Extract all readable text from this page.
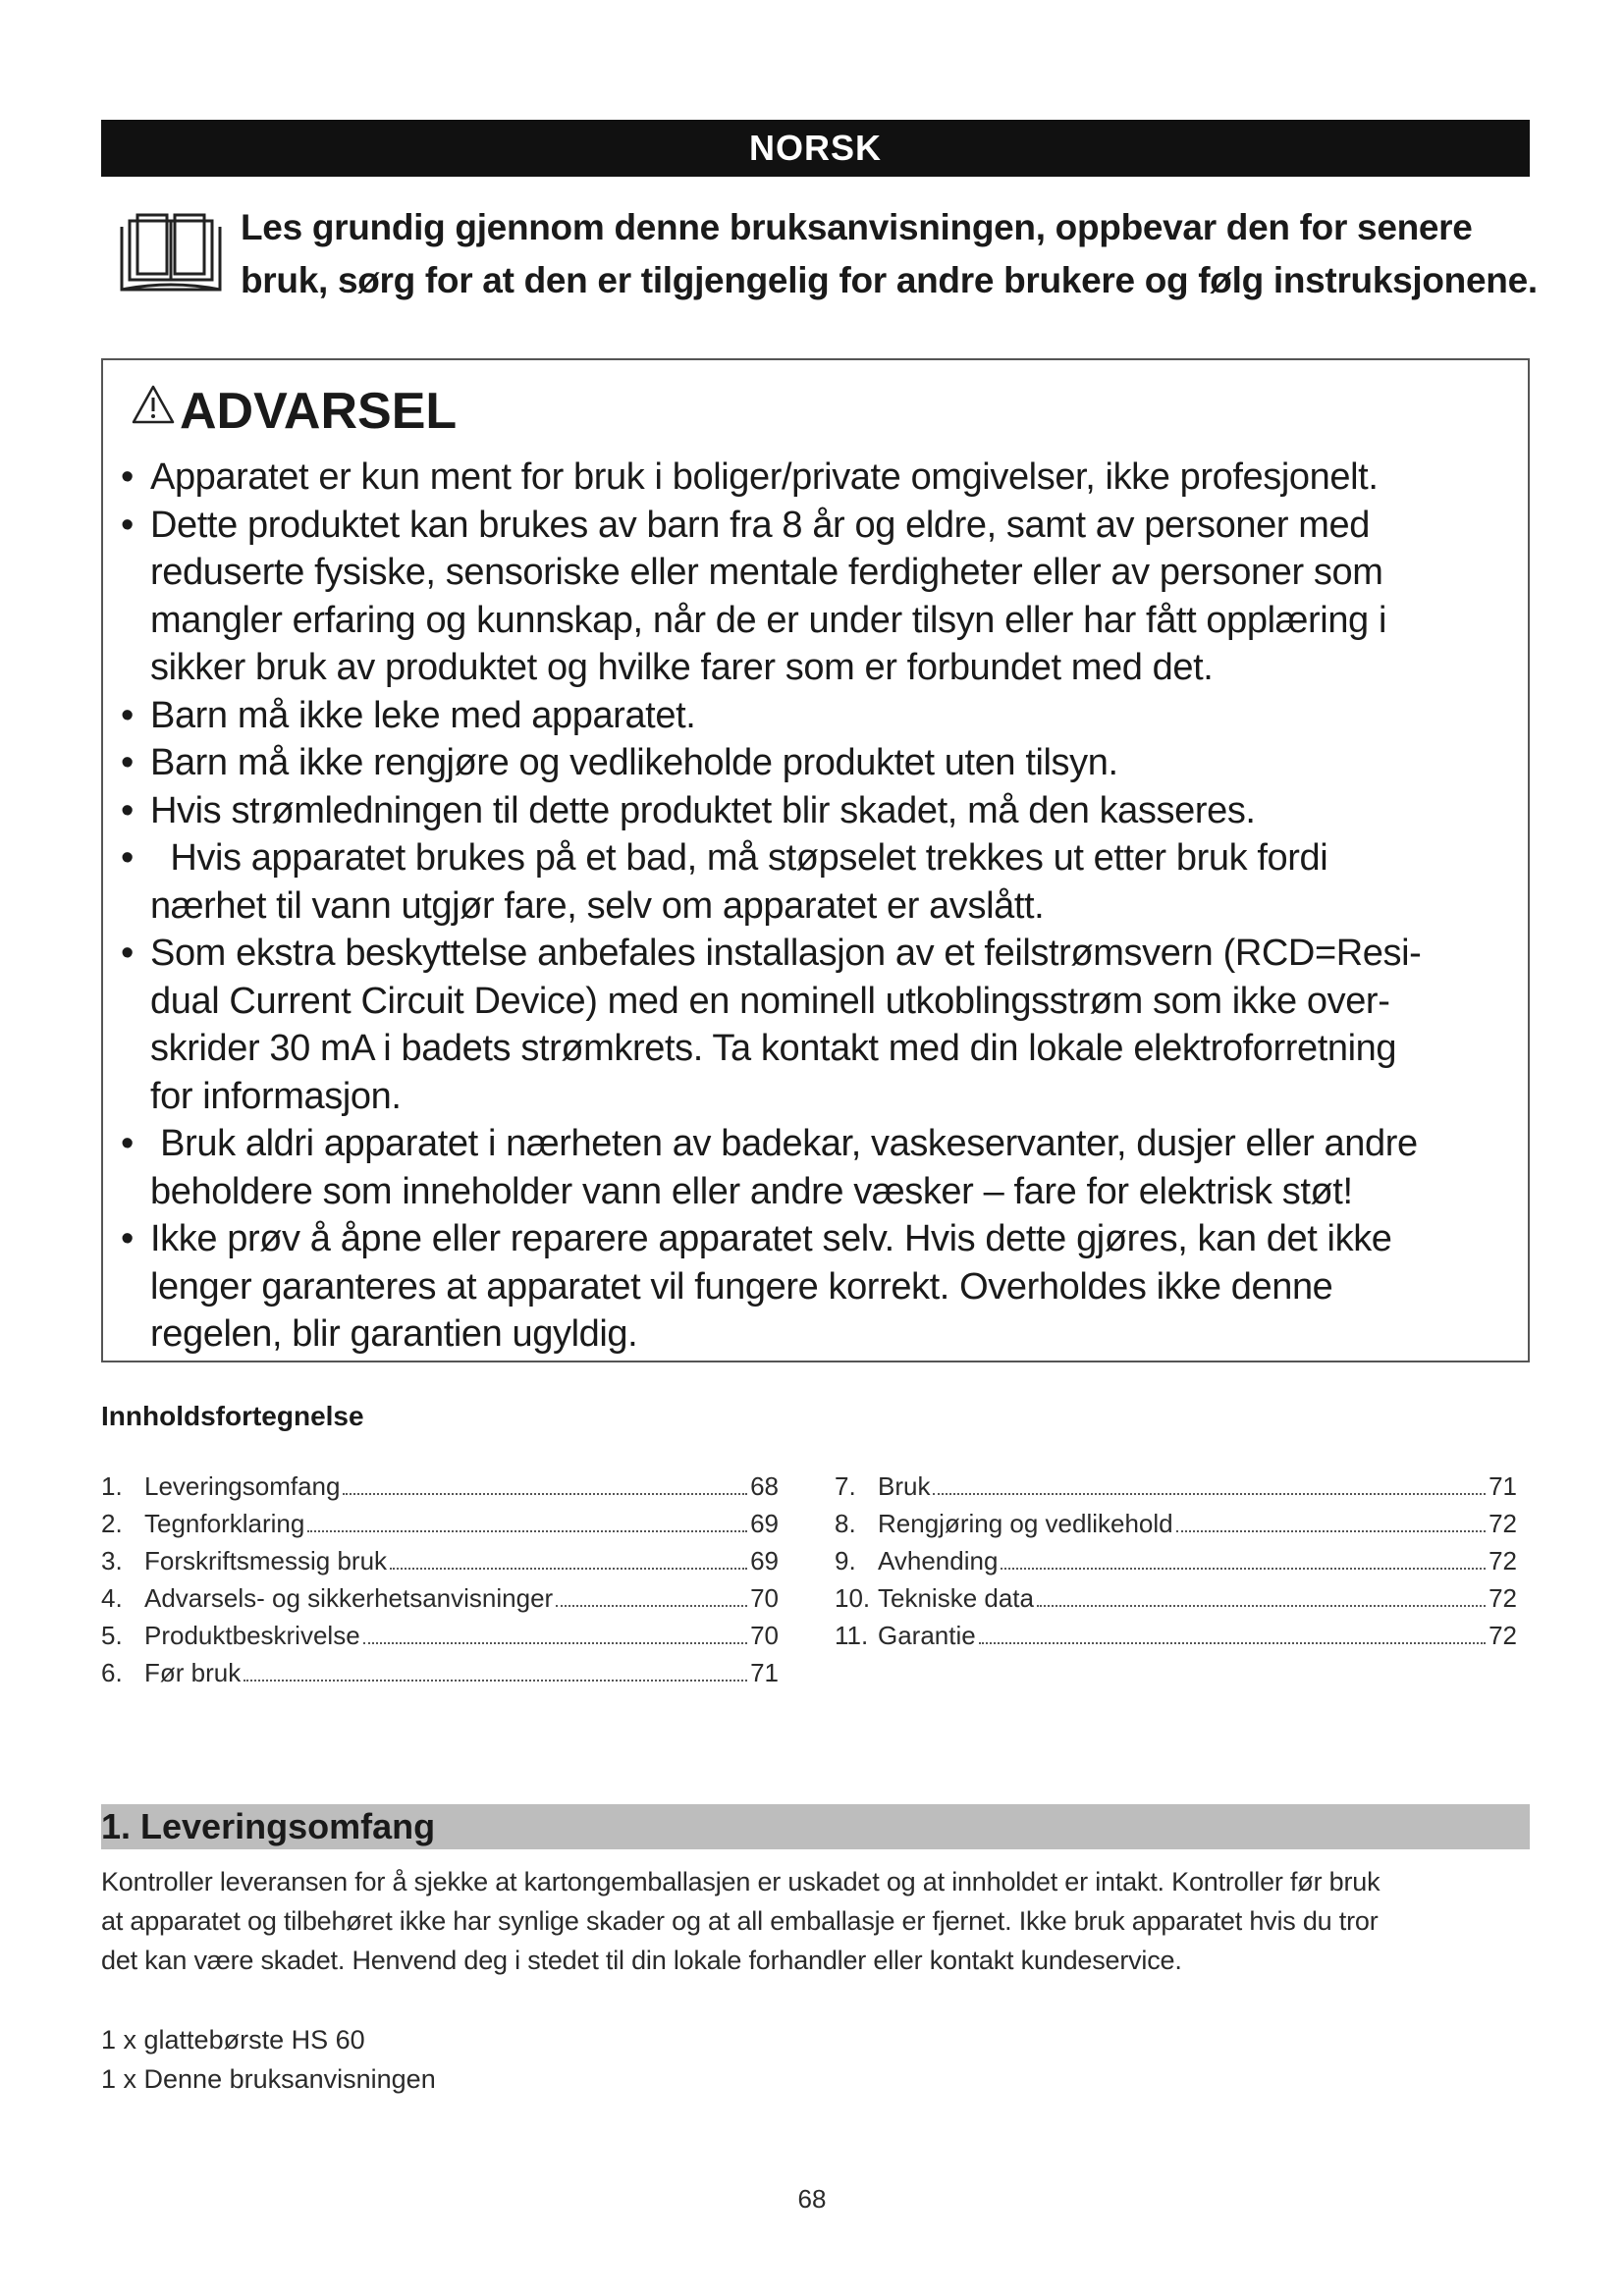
NORSK
Les grundig gjennom denne bruksanvisningen, oppbevar den for senere
bruk, sørg for at den er tilgjengelig for andre brukere og følg instruksjonene.
ADVARSEL
• Apparatet er kun ment for bruk i boliger/private omgivelser, ikke profesjonelt.
• Dette produktet kan brukes av barn fra 8 år og eldre, samt av personer med
reduserte fysiske, sensoriske eller mentale ferdigheter eller av personer som
mangler erfaring og kunnskap, når de er under tilsyn eller har fått opplæring i
sikker bruk av produktet og hvilke farer som er forbundet med det.
• Barn må ikke leke med apparatet.
• Barn må ikke rengjøre og vedlikeholde produktet uten tilsyn.
• Hvis strømledningen til dette produktet blir skadet, må den kasseres.
• Hvis apparatet brukes på et bad, må støpselet trekkes ut etter bruk fordi
nærhet til vann utgjør fare, selv om apparatet er avslått.
• Som ekstra beskyttelse anbefales installasjon av et feilstrømsvern (RCD=Resi-
dual Current Circuit Device) med en nominell utkoblingsstrøm som ikke over-
skrider 30 mA i badets strømkrets. Ta kontakt med din lokale elektroforretning
for informasjon.
• Bruk aldri apparatet i nærheten av badekar, vaskeservanter, dusjer eller andre
beholdere som inneholder vann eller andre væsker – fare for elektrisk støt!
• Ikke prøv å åpne eller reparere apparatet selv. Hvis dette gjøres, kan det ikke
lenger garanteres at apparatet vil fungere korrekt. Overholdes ikke denne
regelen, blir garantien ugyldig.
Innholdsfortegnelse
1. Leveringsomfang	68
2. Tegnforklaring	69
3. Forskriftsmessig bruk	69
4. Advarsels- og sikkerhetsanvisninger	70
5. Produktbeskrivelse	70
6. Før bruk	71
7. Bruk	71
8. Rengjøring og vedlikehold	72
9. Avhending	72
10. Tekniske data	72
11. Garantie	72
1. Leveringsomfang

Kontroller leveransen for å sjekke at kartongemballasjen er uskadet og at innholdet er intakt. Kontroller før bruk
at apparatet og tilbehøret ikke har synlige skader og at all emballasje er fjernet. Ikke bruk apparatet hvis du tror
det kan være skadet. Henvend deg i stedet til din lokale forhandler eller kontakt kundeservice.

1 x glattebørste HS 60
1 x Denne bruksanvisningen
68
